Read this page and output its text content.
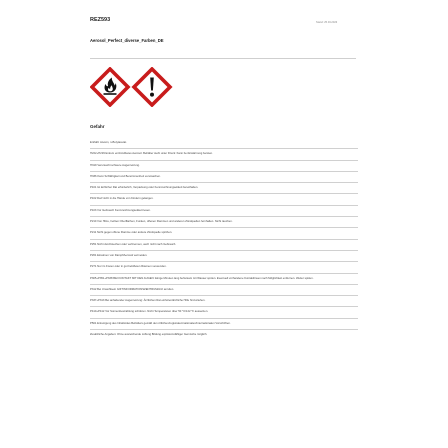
REZ593	Stand: 25.04.2023
Aerosol_Perfect_diverse_Farben_DE
Gefahr
Enthält: Aceton, n-Butylacetat.
H222+H229 Extrem entzündbares Aerosol. Behälter steht unter Druck: Kann bei Erwärmung bersten.
H319 Verursacht schwere Augenreizung.
H336 Kann Schläfrigkeit und Benommenheit verursachen.
P101 Ist ärztlicher Rat erforderlich, Verpackung oder Kennzeichnungsetikett bereithalten.
P102 Darf nicht in die Hände von Kindern gelangen.
P103 Vor Gebrauch Kennzeichnungsetikett lesen.
P210 Von Hitze, heißen Oberflächen, Funken, offenen Flammen und anderen Zündquellen fernhalten. Nicht rauchen.
P211 Nicht gegen offene Flamme oder andere Zündquelle sprühen.
P251 Nicht durchstechen oder verbrennen, auch nicht nach Gebrauch.
P261 Einatmen von Dampf/Aerosol vermeiden.
P271 Nur im Freien oder in gut belüfteten Räumen verwenden.
P305+P351+P338 BEI KONTAKT MIT DEN AUGEN: Einige Minuten lang behutsam mit Wasser spülen. Eventuell vorhandene Kontaktlinsen nach Möglichkeit entfernen. Weiter spülen.
P312 Bei Unwohlsein GIFTINFORMATIONSZENTRUM/Arzt anrufen.
P337+P313 Bei anhaltender Augenreizung: Ärztlichen Rat einholen/ärztliche Hilfe hinzuziehen.
P410+P412 Vor Sonnenbestrahlung schützen. Nicht Temperaturen über 50 °C/122 °F aussetzen.
P501 Entsorgung des Inhalts/des Behälters gemäß den örtlichen/regionalen/nationalen/internationalen Vorschriften.
Zusätzliche Angaben: Ohne ausreichende Lüftung Bildung explosionsfähiger Gemische möglich.
